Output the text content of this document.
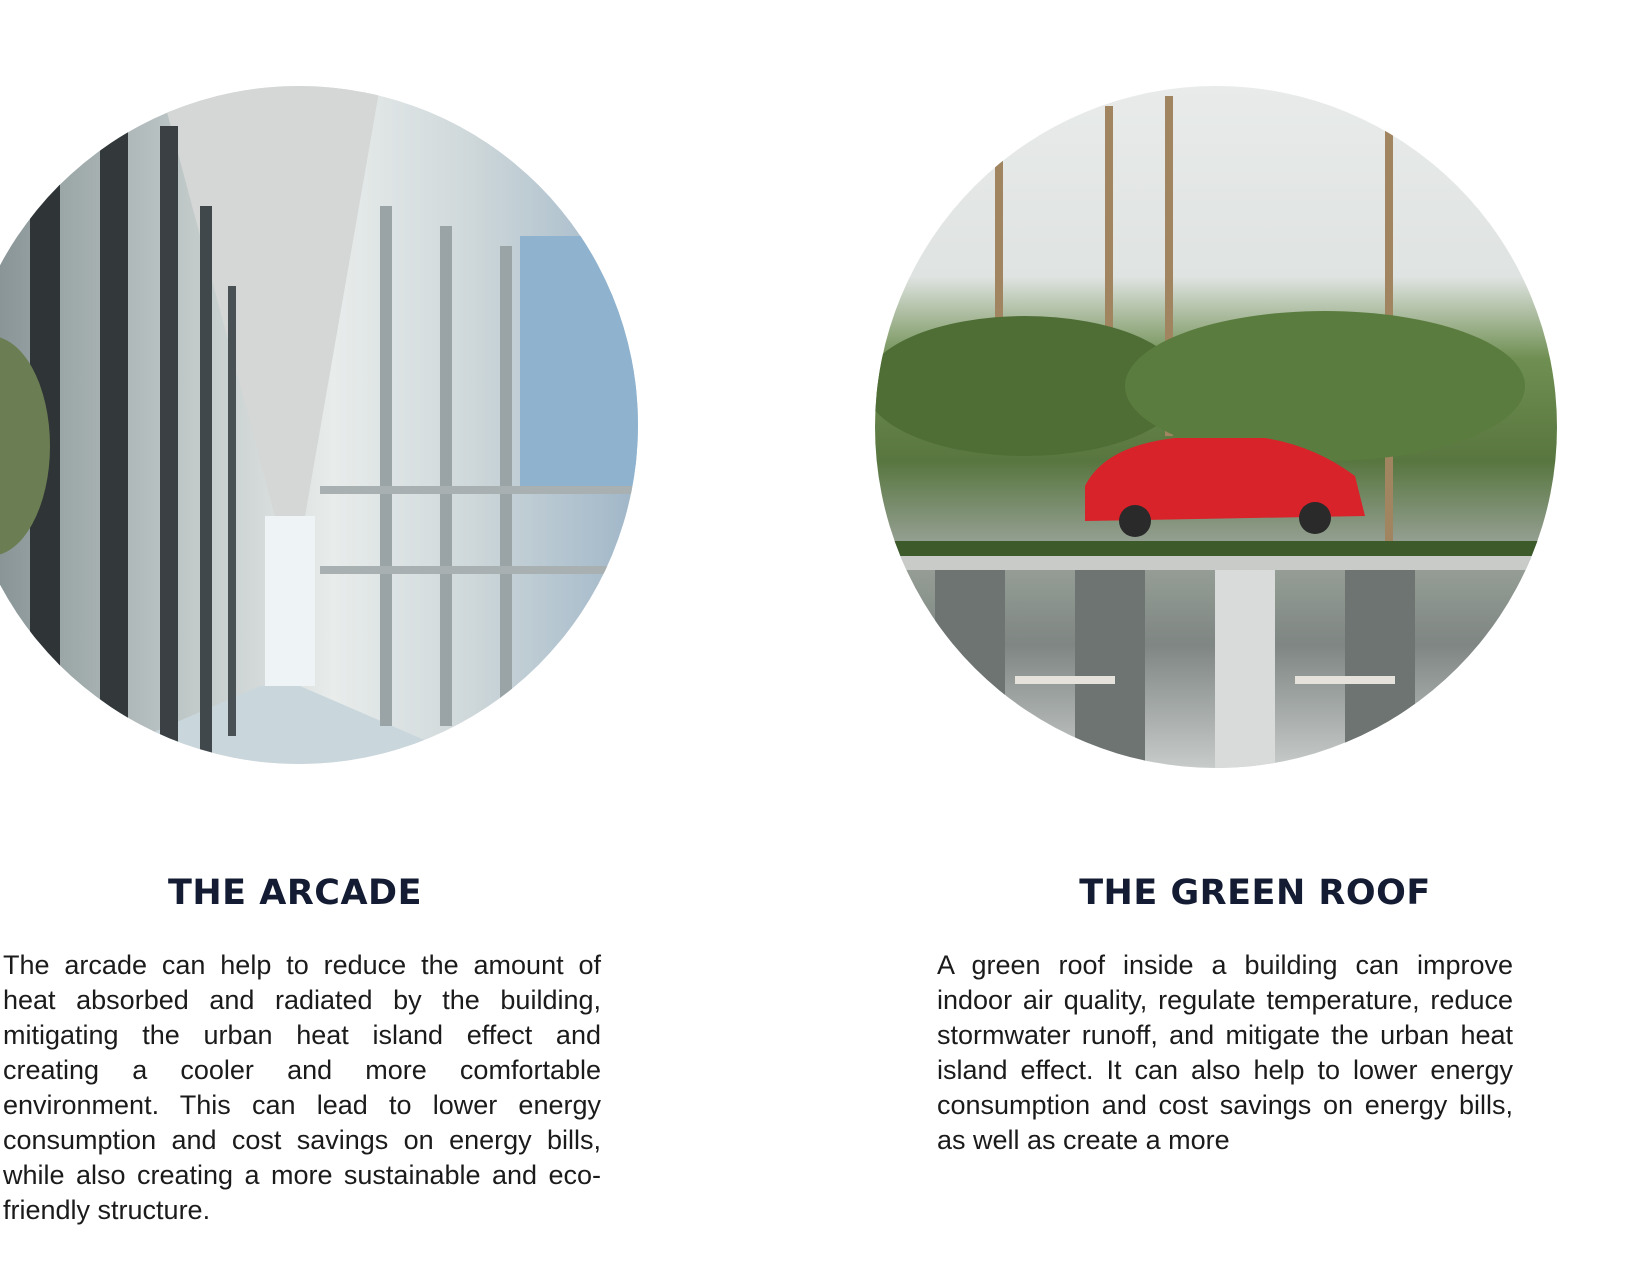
THE ARCADE

The arcade can help to reduce the amount of heat absorbed and radiated by the building, mitigating the urban heat island effect and creating a cooler and more comfortable environment. This can lead to lower energy consumption and cost savings on energy bills, while also creating a more sustainable and eco-friendly structure.

THE GREEN ROOF

A green roof inside a building can improve indoor air quality, regulate temperature, reduce stormwater runoff, and mitigate the urban heat island effect. It can also help to lower energy consumption and cost savings on energy bills, as well as create a more
